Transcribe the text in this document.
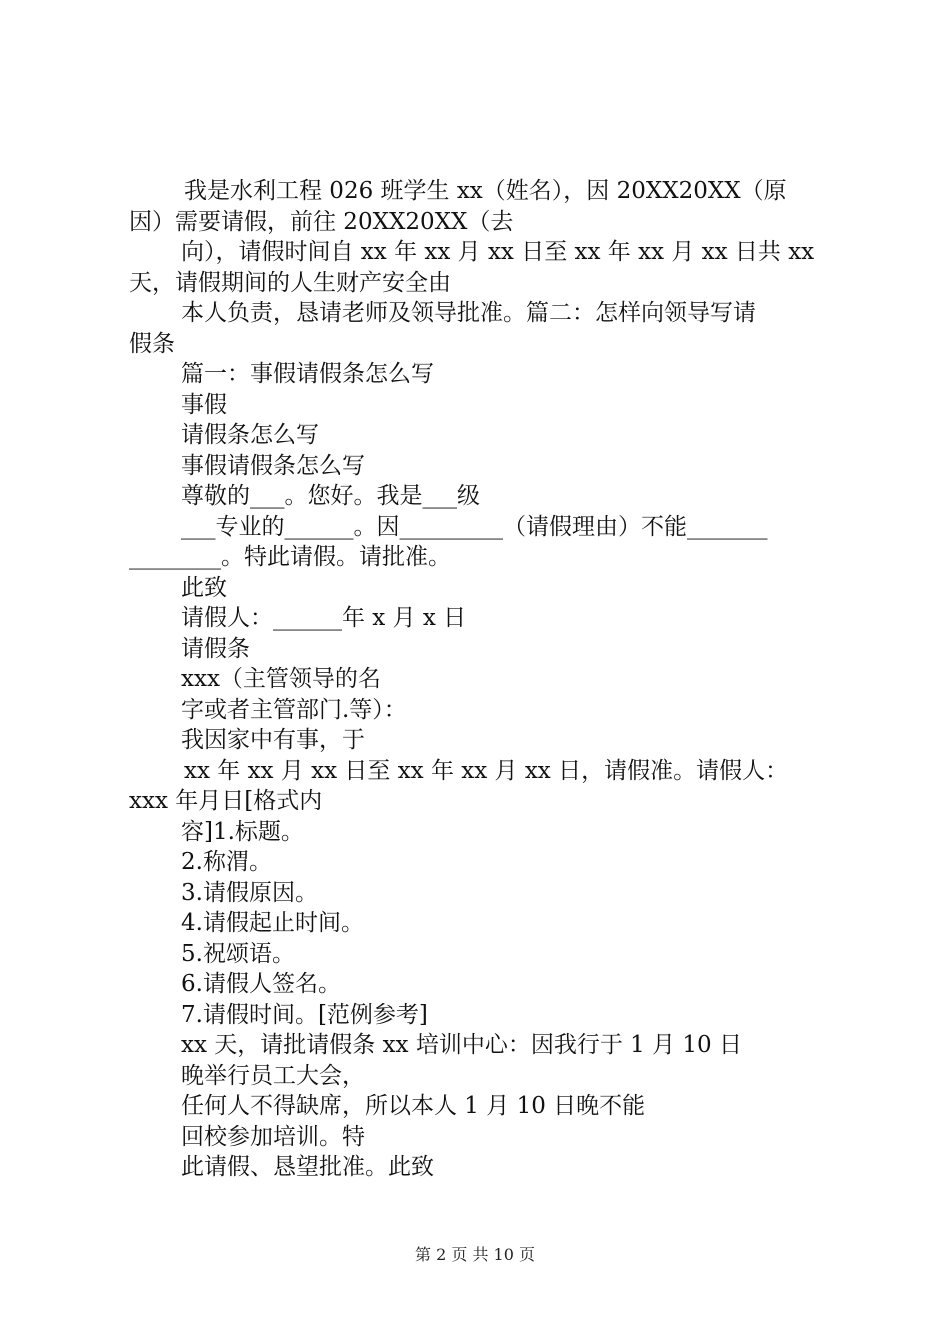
我是水利工程 026 班学生 xx（姓名），因 20XX20XX（原
因）需要请假，前往 20XX20XX（去
向），请假时间自 xx 年 xx 月 xx 日至 xx 年 xx 月 xx 日共 xx
天，请假期间的人生财产安全由
本人负责，恳请老师及领导批准。篇二：怎样向领导写请
假条
篇一：事假请假条怎么写
事假
请假条怎么写
事假请假条怎么写
尊敬的___。您好。我是___级
___专业的______。因_________（请假理由）不能_______
________。特此请假。请批准。
此致
请假人：______年 x 月 x 日
请假条
xxx（主管领导的名
字或者主管部门.等）：
我因家中有事，于
xx 年 xx 月 xx 日至 xx 年 xx 月 xx 日，请假准。请假人：
xxx 年月日[格式内
容]1.标题。
2.称渭。
3.请假原因。
4.请假起止时间。
5.祝颂语。
6.请假人签名。
7.请假时间。[范例参考]
xx 天，请批请假条 xx 培训中心：因我行于 1 月 10 日
晚举行员工大会，
任何人不得缺席，所以本人 1 月 10 日晚不能
回校参加培训。特
此请假、恳望批准。此致
第 2 页 共 10 页
